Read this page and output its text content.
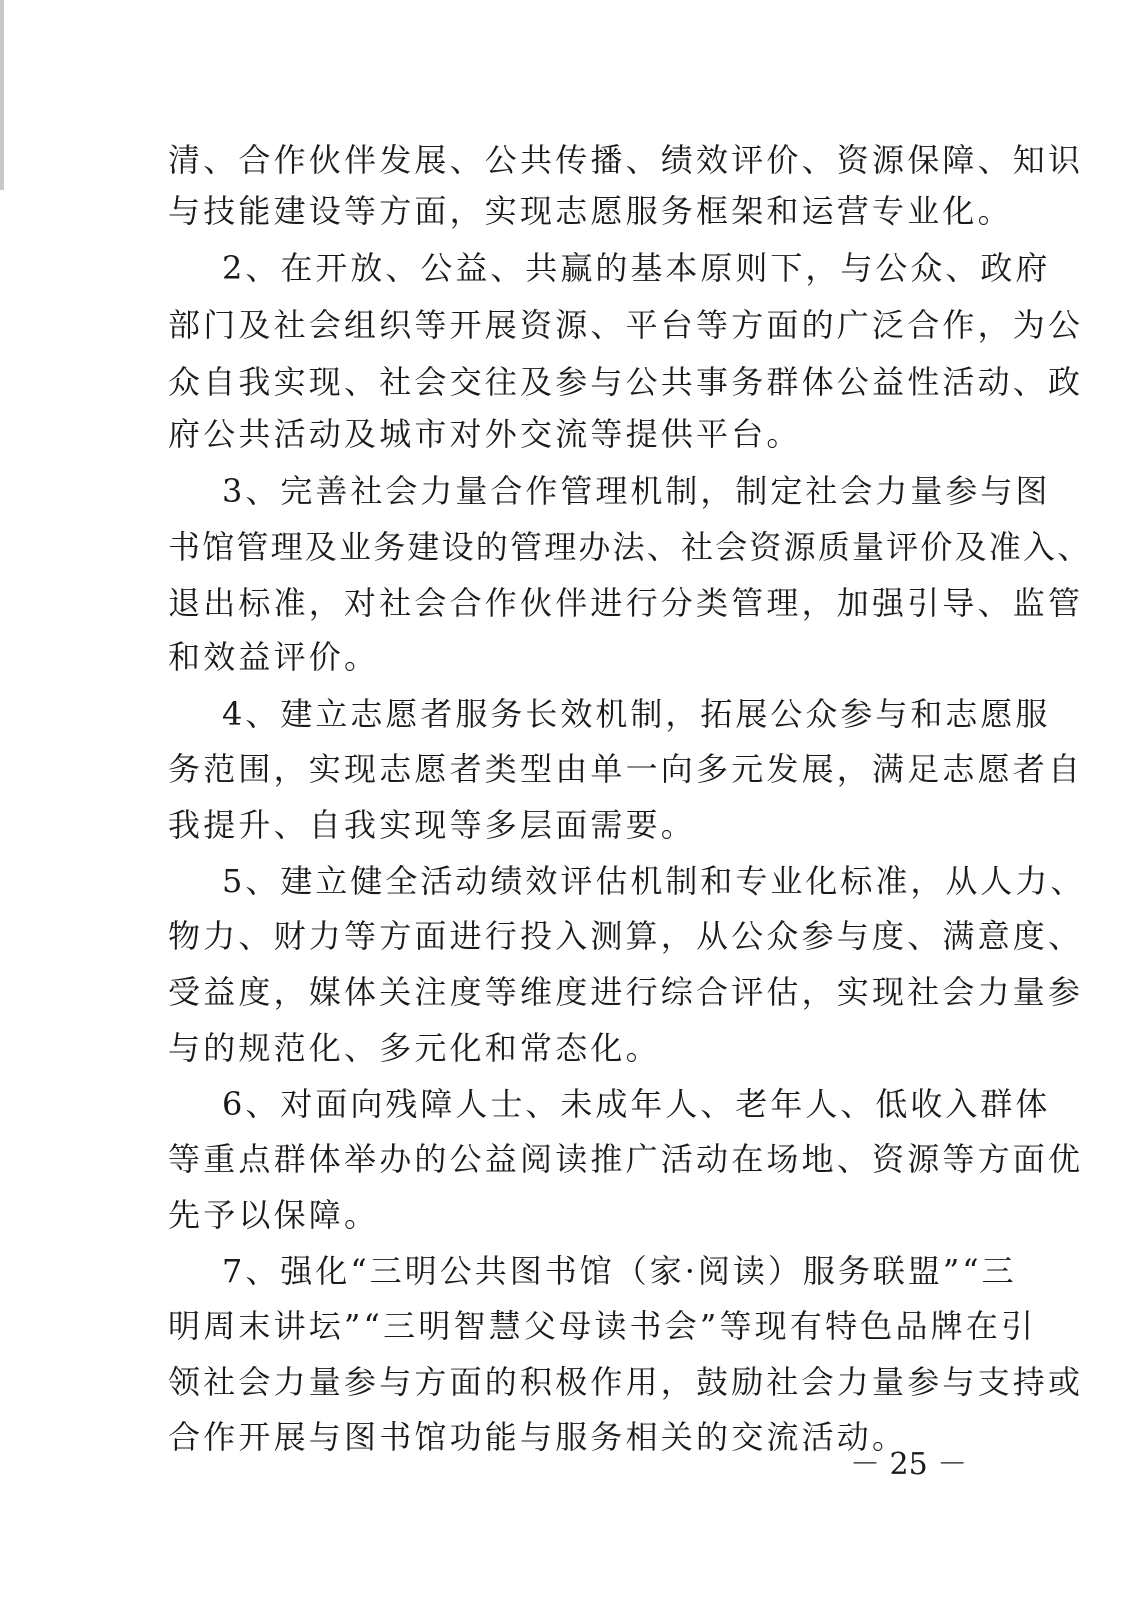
清、合作伙伴发展、公共传播、绩效评价、资源保障、知识
与技能建设等方面，实现志愿服务框架和运营专业化。
2、在开放、公益、共赢的基本原则下，与公众、政府
部门及社会组织等开展资源、平台等方面的广泛合作，为公
众自我实现、社会交往及参与公共事务群体公益性活动、政
府公共活动及城市对外交流等提供平台。
3、完善社会力量合作管理机制，制定社会力量参与图
书馆管理及业务建设的管理办法、社会资源质量评价及准入、
退出标准，对社会合作伙伴进行分类管理，加强引导、监管
和效益评价。
4、建立志愿者服务长效机制，拓展公众参与和志愿服
务范围，实现志愿者类型由单一向多元发展，满足志愿者自
我提升、自我实现等多层面需要。
5、建立健全活动绩效评估机制和专业化标准，从人力、
物力、财力等方面进行投入测算，从公众参与度、满意度、
受益度，媒体关注度等维度进行综合评估，实现社会力量参
与的规范化、多元化和常态化。
6、对面向残障人士、未成年人、老年人、低收入群体
等重点群体举办的公益阅读推广活动在场地、资源等方面优
先予以保障。
7、强化“三明公共图书馆（家·阅读）服务联盟”“三
明周末讲坛”“三明智慧父母读书会”等现有特色品牌在引
领社会力量参与方面的积极作用，鼓励社会力量参与支持或
合作开展与图书馆功能与服务相关的交流活动。
－ 25 －
